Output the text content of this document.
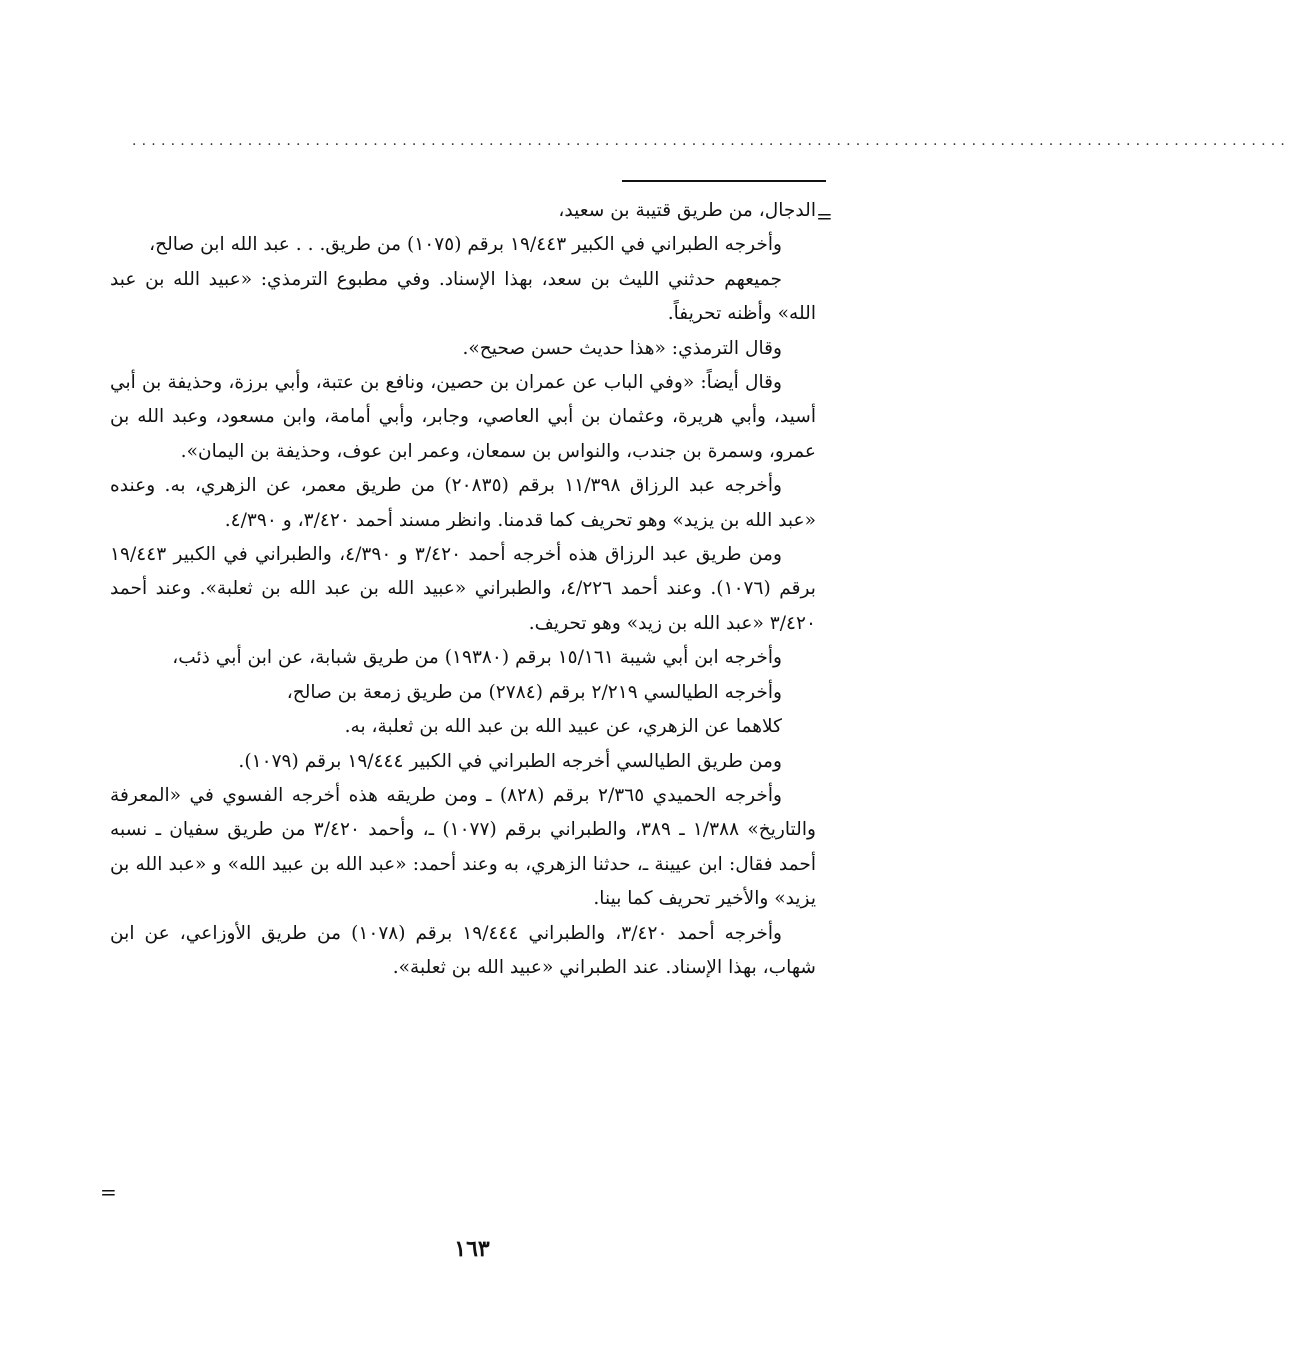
........................................................................................................................
=
=

الدجال، من طريق قتيبة بن سعيد،

وأخرجه الطبراني في الكبير ١٩/٤٤٣ برقم (١٠٧٥) من طريق. . . عبد الله ابن صالح،

جميعهم حدثني الليث بن سعد، بهذا الإسناد. وفي مطبوع الترمذي: «عبيد الله بن عبد الله» وأظنه تحريفاً.

وقال الترمذي: «هذا حديث حسن صحيح».

وقال أيضاً: «وفي الباب عن عمران بن حصين، ونافع بن عتبة، وأبي برزة، وحذيفة بن أبي أسيد، وأبي هريرة، وعثمان بن أبي العاصي، وجابر، وأبي أمامة، وابن مسعود، وعبد الله بن عمرو، وسمرة بن جندب، والنواس بن سمعان، وعمر ابن عوف، وحذيفة بن اليمان».

وأخرجه عبد الرزاق ١١/٣٩٨ برقم (٢٠٨٣٥) من طريق معمر، عن الزهري، به. وعنده «عبد الله بن يزيد» وهو تحريف كما قدمنا. وانظر مسند أحمد ٣/٤٢٠، و ٤/٣٩٠.

ومن طريق عبد الرزاق هذه أخرجه أحمد ٣/٤٢٠ و ٤/٣٩٠، والطبراني في الكبير ١٩/٤٤٣ برقم (١٠٧٦). وعند أحمد ٤/٢٢٦، والطبراني «عبيد الله بن عبد الله بن ثعلبة». وعند أحمد ٣/٤٢٠ «عبد الله بن زيد» وهو تحريف.

وأخرجه ابن أبي شيبة ١٥/١٦١ برقم (١٩٣٨٠) من طريق شبابة، عن ابن أبي ذئب،

وأخرجه الطيالسي ٢/٢١٩ برقم (٢٧٨٤) من طريق زمعة بن صالح،

كلاهما عن الزهري، عن عبيد الله بن عبد الله بن ثعلبة، به.

ومن طريق الطيالسي أخرجه الطبراني في الكبير ١٩/٤٤٤ برقم (١٠٧٩).

وأخرجه الحميدي ٢/٣٦٥ برقم (٨٢٨) ـ ومن طريقه هذه أخرجه الفسوي في «المعرفة والتاريخ» ١/٣٨٨ ـ ٣٨٩، والطبراني برقم (١٠٧٧) ـ، وأحمد ٣/٤٢٠ من طريق سفيان ـ نسبه أحمد فقال: ابن عيينة ـ، حدثنا الزهري، به وعند أحمد: «عبد الله بن عبيد الله» و «عبد الله بن يزيد» والأخير تحريف كما بينا.

وأخرجه أحمد ٣/٤٢٠، والطبراني ١٩/٤٤٤ برقم (١٠٧٨) من طريق الأوزاعي، عن ابن شهاب، بهذا الإسناد. عند الطبراني «عبيد الله بن ثعلبة».

١٦٣
